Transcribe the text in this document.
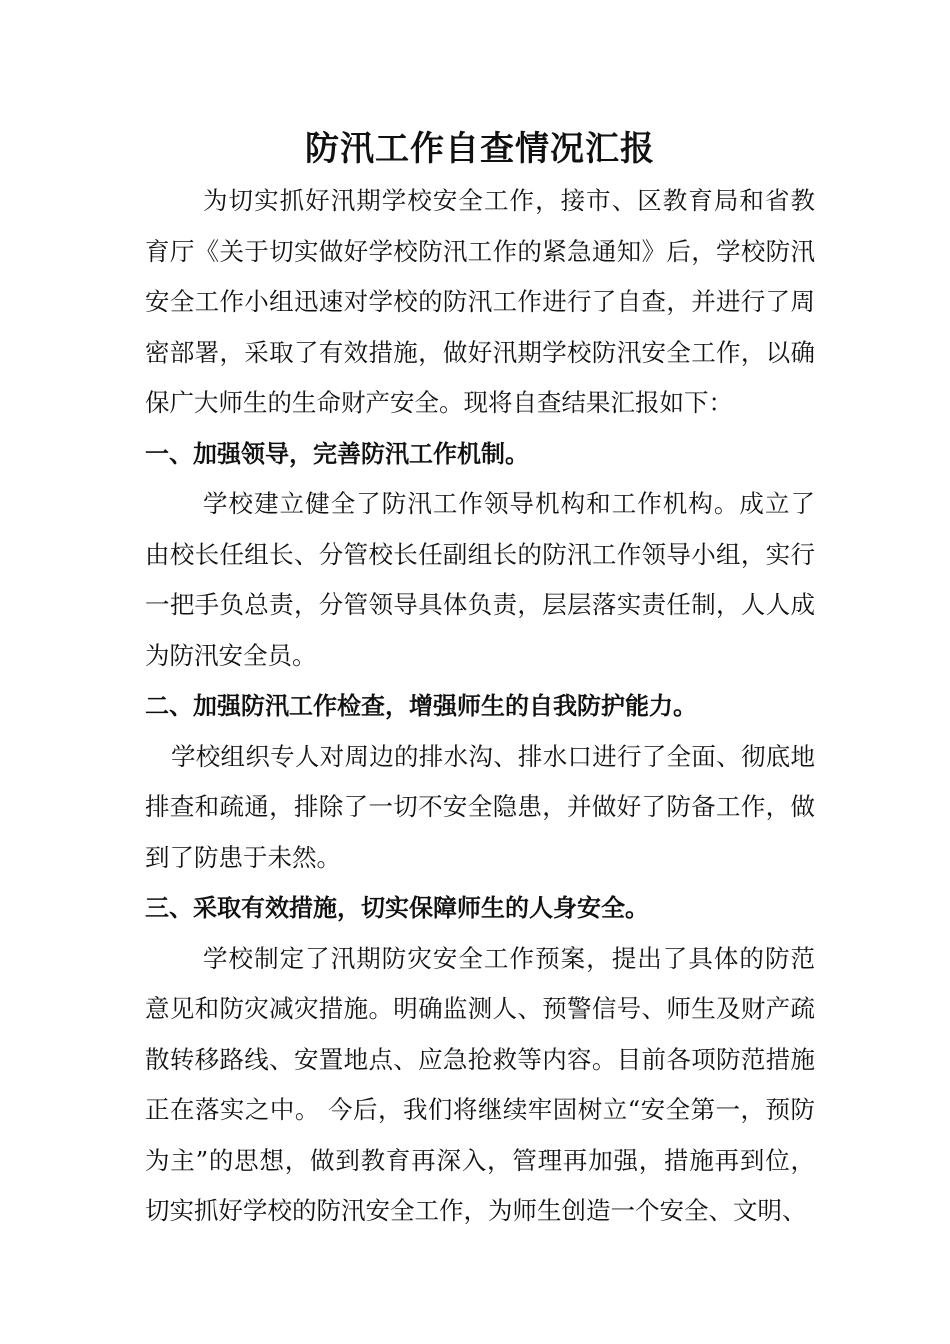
防汛工作自查情况汇报

为切实抓好汛期学校安全工作，接市、区教育局和省教育厅《关于切实做好学校防汛工作的紧急通知》后，学校防汛安全工作小组迅速对学校的防汛工作进行了自查，并进行了周密部署，采取了有效措施，做好汛期学校防汛安全工作，以确保广大师生的生命财产安全。现将自查结果汇报如下：

一、加强领导，完善防汛工作机制。

学校建立健全了防汛工作领导机构和工作机构。成立了由校长任组长、分管校长任副组长的防汛工作领导小组，实行一把手负总责，分管领导具体负责，层层落实责任制，人人成为防汛安全员。

二、加强防汛工作检查，增强师生的自我防护能力。

学校组织专人对周边的排水沟、排水口进行了全面、彻底地排查和疏通，排除了一切不安全隐患，并做好了防备工作，做到了防患于未然。

三、采取有效措施，切实保障师生的人身安全。

学校制定了汛期防灾安全工作预案，提出了具体的防范意见和防灾减灾措施。明确监测人、预警信号、师生及财产疏散转移路线、安置地点、应急抢救等内容。目前各项防范措施正在落实之中。 今后，我们将继续牢固树立“安全第一，预防为主”的思想，做到教育再深入，管理再加强，措施再到位，切实抓好学校的防汛安全工作，为师生创造一个安全、文明、
